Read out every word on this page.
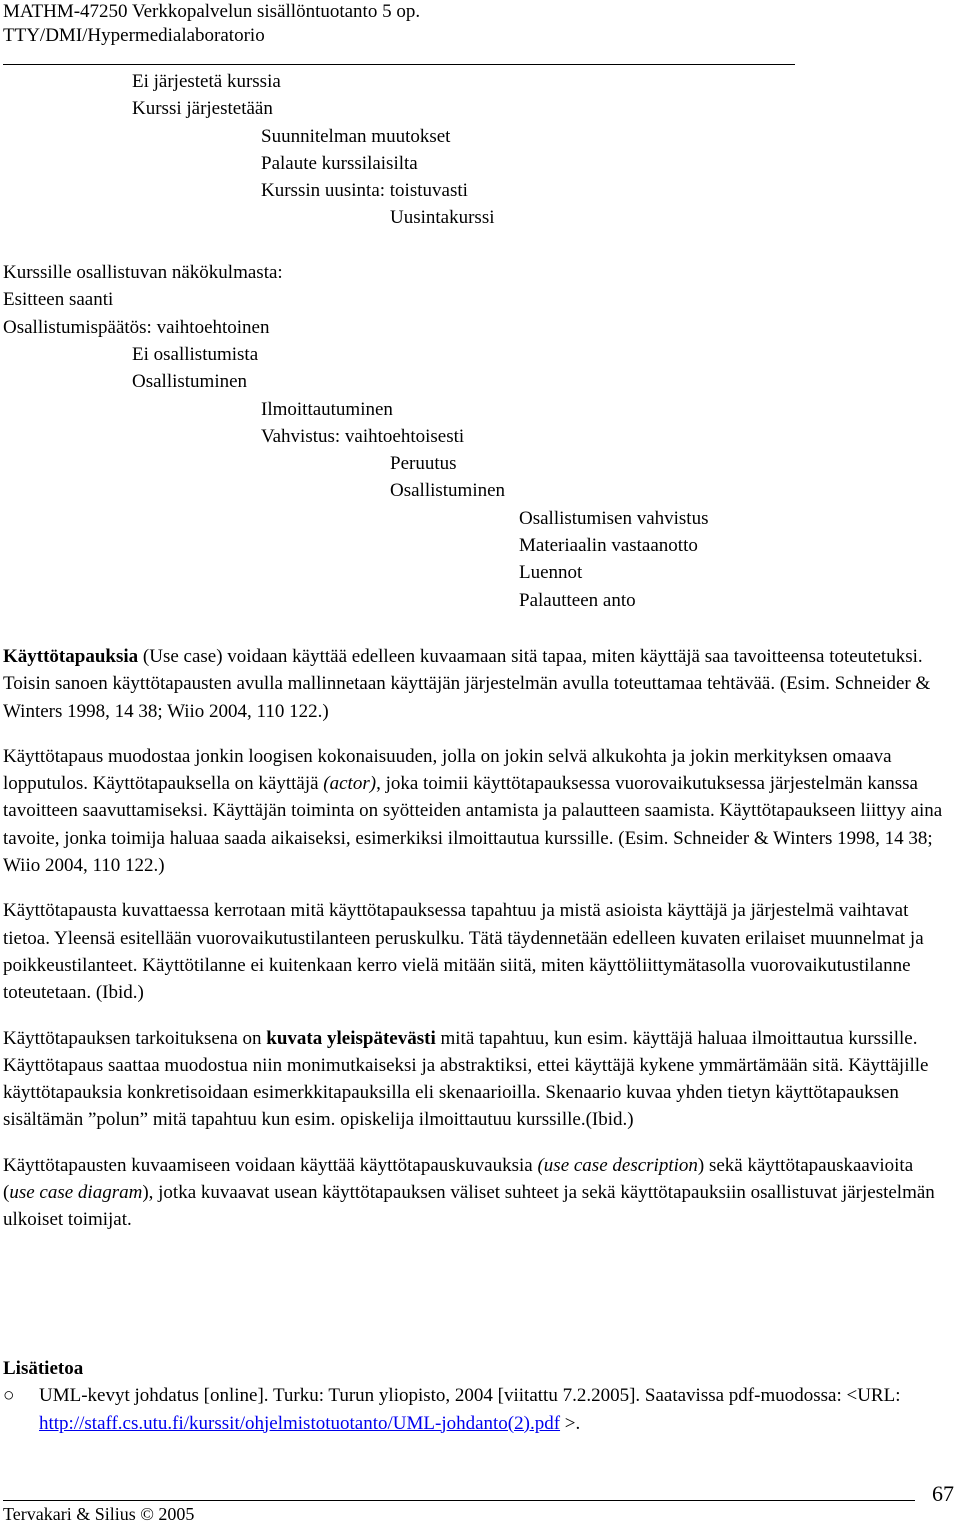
MATHM-47250 Verkkopalvelun sisällöntuotanto 5 op.
TTY/DMI/Hypermedialaboratorio
Ei järjestetä kurssia
Kurssi järjestetään
Suunnitelman muutokset
Palaute kurssilaisilta
Kurssin uusinta: toistuvasti
Uusintakurssi
Kurssille osallistuvan näkökulmasta:
Esitteen saanti
Osallistumispäätös: vaihtoehtoinen
Ei osallistumista
Osallistuminen
Ilmoittautuminen
Vahvistus: vaihtoehtoisesti
Peruutus
Osallistuminen
Osallistumisen vahvistus
Materiaalin vastaanotto
Luennot
Palautteen anto

Käyttötapauksia (Use case) voidaan käyttää edelleen kuvaamaan sitä tapaa, miten käyttäjä saa tavoitteensa toteutetuksi. Toisin sanoen käyttötapausten avulla mallinnetaan käyttäjän järjestelmän avulla toteuttamaa tehtävää. (Esim. Schneider & Winters 1998, 14 38; Wiio 2004, 110 122.)

Käyttötapaus muodostaa jonkin loogisen kokonaisuuden, jolla on jokin selvä alkukohta ja jokin merkityksen omaava lopputulos. Käyttötapauksella on käyttäjä (actor), joka toimii käyttötapauksessa vuorovaikutuksessa järjestelmän kanssa tavoitteen saavuttamiseksi. Käyttäjän toiminta on syötteiden antamista ja palautteen saamista. Käyttötapaukseen liittyy aina tavoite, jonka toimija haluaa saada aikaiseksi, esimerkiksi ilmoittautua kurssille. (Esim. Schneider & Winters 1998, 14 38; Wiio 2004, 110 122.)

Käyttötapausta kuvattaessa kerrotaan mitä käyttötapauksessa tapahtuu ja mistä asioista käyttäjä ja järjestelmä vaihtavat tietoa. Yleensä esitellään vuorovaikutustilanteen peruskulku. Tätä täydennetään edelleen kuvaten erilaiset muunnelmat ja poikkeustilanteet. Käyttötilanne ei kuitenkaan kerro vielä mitään siitä, miten käyttöliittymätasolla vuorovaikutustilanne toteutetaan. (Ibid.)

Käyttötapauksen tarkoituksena on kuvata yleispätevästi mitä tapahtuu, kun esim. käyttäjä haluaa ilmoittautua kurssille. Käyttötapaus saattaa muodostua niin monimutkaiseksi ja abstraktiksi, ettei käyttäjä kykene ymmärtämään sitä. Käyttäjille käyttötapauksia konkretisoidaan esimerkkitapauksilla eli skenaarioilla. Skenaario kuvaa yhden tietyn käyttötapauksen sisältämän ”polun” mitä tapahtuu kun esim. opiskelija ilmoittautuu kurssille.(Ibid.)

Käyttötapausten kuvaamiseen voidaan käyttää käyttötapauskuvauksia (use case description) sekä käyttötapauskaavioita (use case diagram), jotka kuvaavat usean käyttötapauksen väliset suhteet ja sekä käyttötapauksiin osallistuvat järjestelmän ulkoiset toimijat.

Lisätietoa
○	UML-kevyt johdatus [online]. Turku: Turun yliopisto, 2004 [viitattu 7.2.2005]. Saatavissa pdf-muodossa: <URL: http://staff.cs.utu.fi/kurssit/ohjelmistotuotanto/UML-johdanto(2).pdf >.
Tervakari & Silius © 2005
67
